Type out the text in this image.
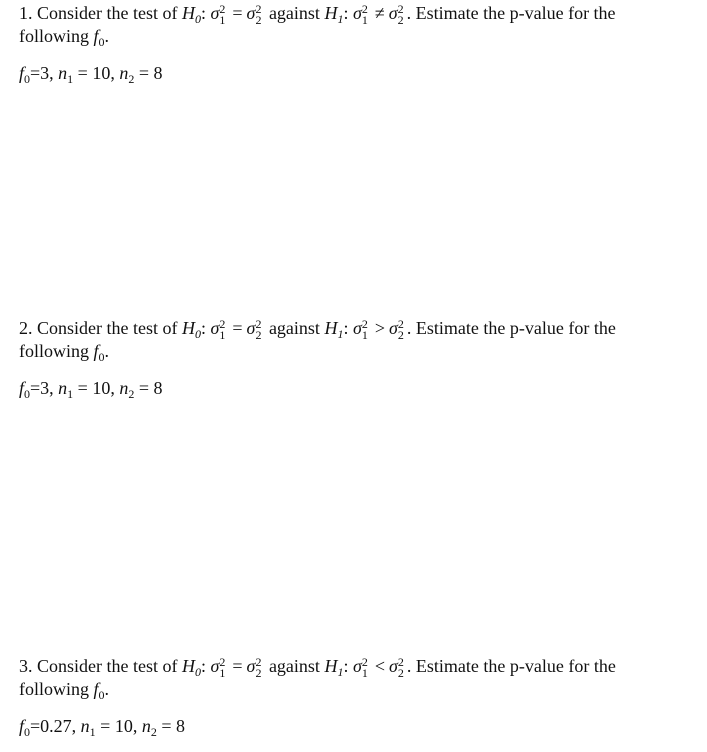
1. Consider the test of $H_0$: σ 2
1 = σ 2
2 against $H_1$: σ 2
1 ≠ σ 2
2 . Estimate the p-value for the
following $f_0$.

$f_0=3$, $n_1 = 10$, $n_2 = 8$

2. Consider the test of $H_0$: σ 2
1 = σ 2
2 against $H_1$: σ 2
1 > σ 2
2 . Estimate the p-value for the
following $f_0$.

$f_0=3$, $n_1 = 10$, $n_2 = 8$

3. Consider the test of $H_0$: σ 2
1 = σ 2
2 against $H_1$: σ 2
1 < σ 2
2 . Estimate the p-value for the
following $f_0$.

$f_0=0.27$, $n_1 = 10$, $n_2 = 8$
